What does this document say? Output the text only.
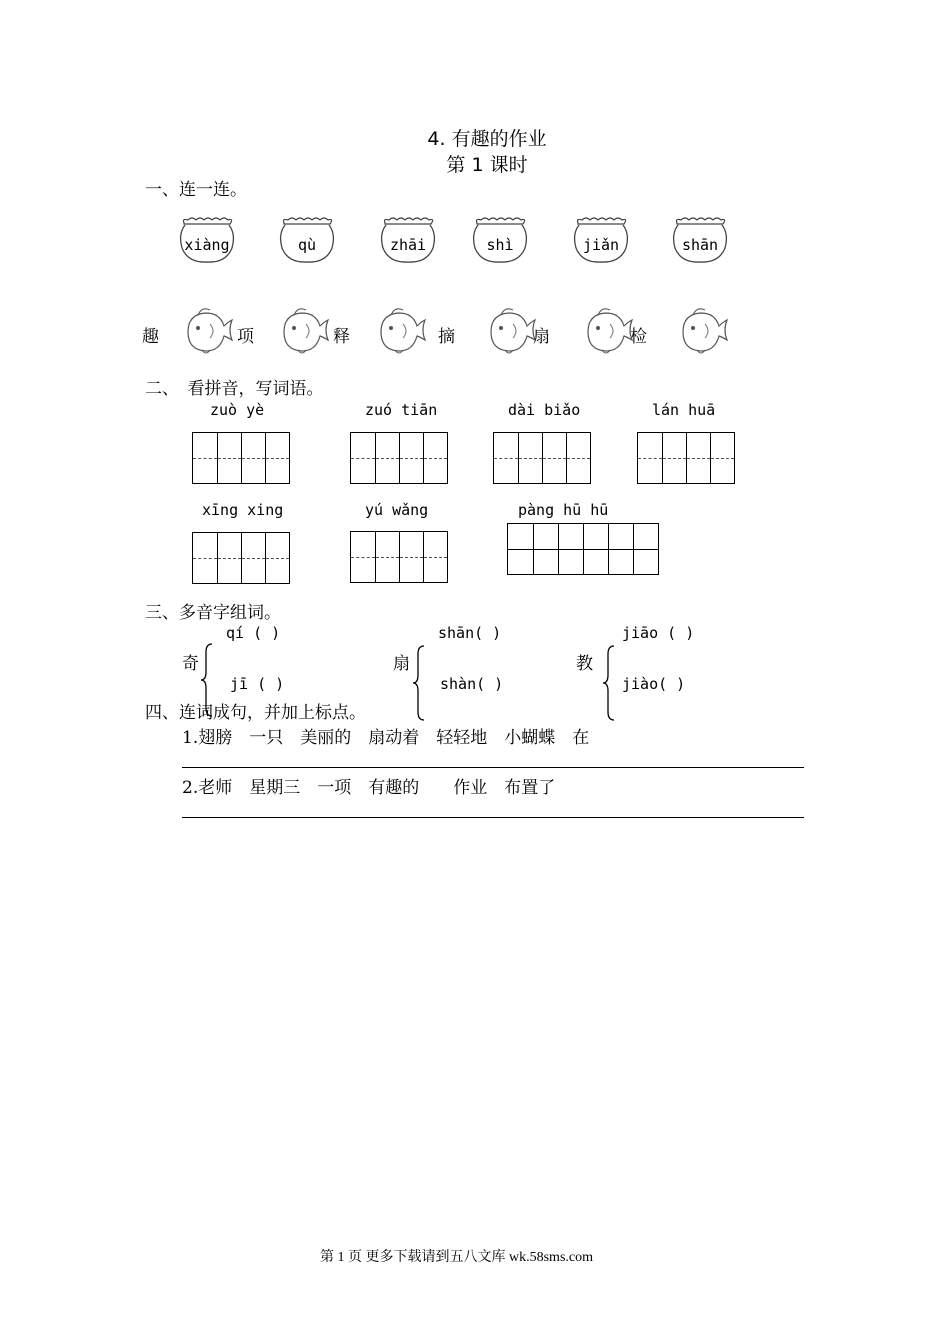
4. 有趣的作业
第 1 课时
一、连一连。
xiàng	qù	zhāi	shì	jiǎn	shān
趣	项	释	摘	扇	检
二、　看拼音，写词语。
zuò yè	zuó tiān	dài biǎo	lán huā
xīng xing	yú wǎng	pàng hū hū
三、多音字组词。
奇
qí ( )
jī ( )
扇
shān( )
shàn( )
教
jiāo ( )
jiào( )
四、连词成句，并加上标点。
1.翅膀　一只　美丽的　扇动着　轻轻地　小蝴蝶　在
2.老师　星期三　一项　有趣的　　作业　布置了
第 1 页 更多下载请到五八文库 wk.58sms.com
